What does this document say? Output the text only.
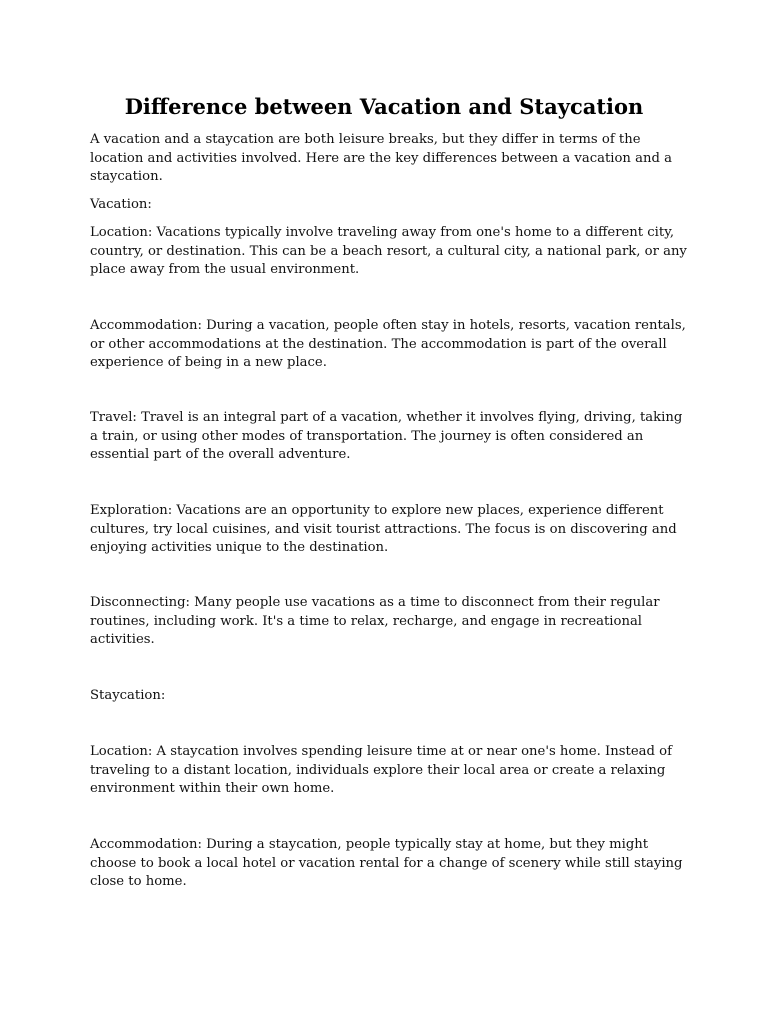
Difference between Vacation and Staycation

A vacation and a staycation are both leisure breaks, but they differ in terms of the location and activities involved. Here are the key differences between a vacation and a staycation.

Vacation:

Location: Vacations typically involve traveling away from one's home to a different city, country, or destination. This can be a beach resort, a cultural city, a national park, or any place away from the usual environment.

Accommodation: During a vacation, people often stay in hotels, resorts, vacation rentals, or other accommodations at the destination. The accommodation is part of the overall experience of being in a new place.

Travel: Travel is an integral part of a vacation, whether it involves flying, driving, taking a train, or using other modes of transportation. The journey is often considered an essential part of the overall adventure.

Exploration: Vacations are an opportunity to explore new places, experience different cultures, try local cuisines, and visit tourist attractions. The focus is on discovering and enjoying activities unique to the destination.

Disconnecting: Many people use vacations as a time to disconnect from their regular routines, including work. It's a time to relax, recharge, and engage in recreational activities.

Staycation:

Location: A staycation involves spending leisure time at or near one's home. Instead of traveling to a distant location, individuals explore their local area or create a relaxing environment within their own home.

Accommodation: During a staycation, people typically stay at home, but they might choose to book a local hotel or vacation rental for a change of scenery while still staying close to home.
